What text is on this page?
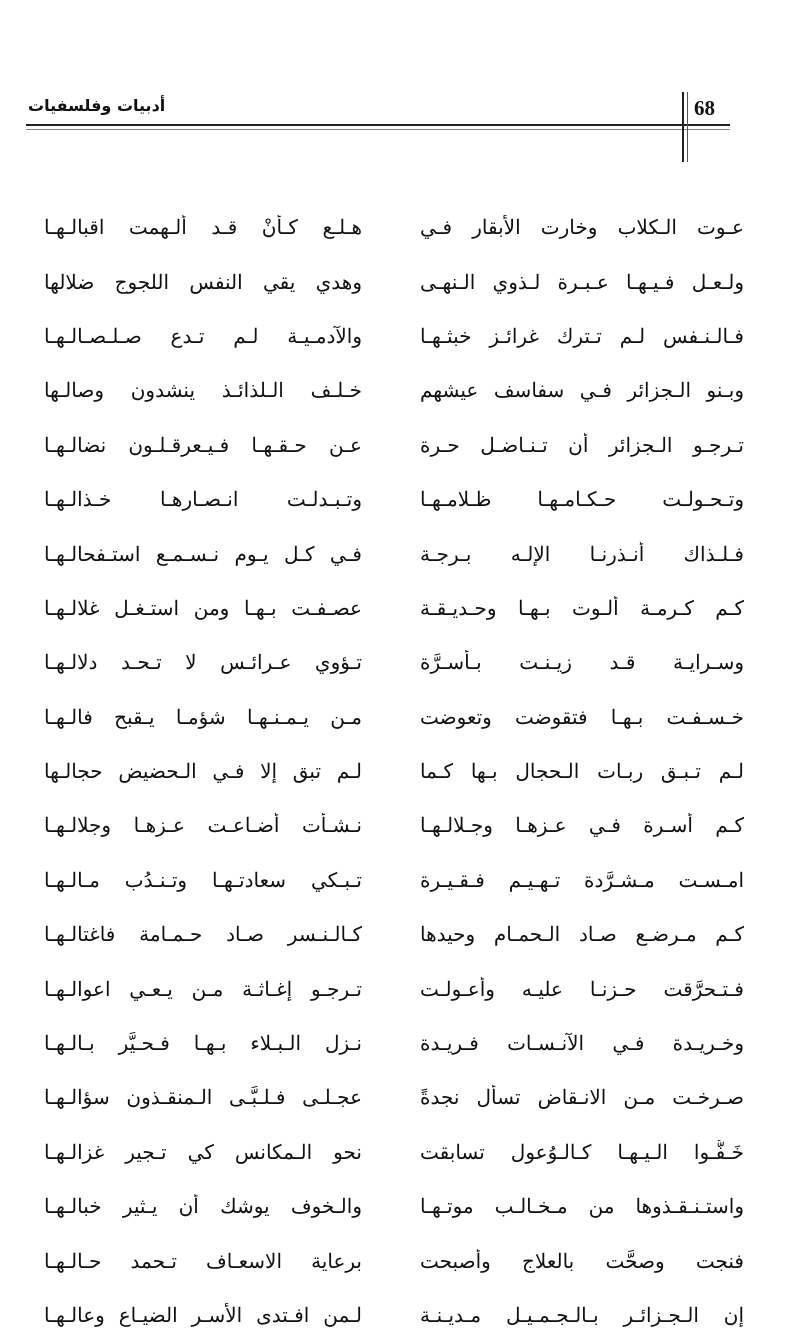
68
أدبيات وفلسفيات
عـوت الـكلاب وخارت الأبقار فـي
هـلـع كـأنْ قـد ألـهمت اقبالـهـا
ولـعـل فـيـهـا عـبـرة لـذوي الـنهـى
وهدي يقي النفس اللجوج ضلالها
فـالـنـفس لـم تـترك غرائـز خبثـهـا
والآدمـيـة لـم تـدع صـلـصـالـهـا
وبـنو الـجزائر فـي سفاسف عيشهم
خـلـف الـلذائـذ ينشدون وصالـها
تـرجـو الـجزائر أن تـنـاضـل حـرة
عـن حـقـهـا فـيـعرقـلـون نضالـهـا
وتـحـولـت حـكـامـهـا ظـلامـهـا
وتـبـدلـت انـصـارهـا خـذالـهـا
فـلـذاك أنـذرنـا الإلـه بـرجـة
فـي كـل يـوم نـسـمـع استـفحالـهـا
كـم كـرمـة ألـوت بـهـا وحـديـقـة
عصـفـت بـهـا ومن استـغـل غلالـهـا
وسـرايـة قـد زيـنـت بـأسـرَّة
تـؤوي عـرائـس لا تـحـد دلالـهـا
خـسـفـت بـهـا فتقوضت وتعوضت
مـن يـمـنـهـا شؤمـا يـقبح فالـهـا
لـم تـبـق ربـات الـحجال بـها كـما
لـم تبق إلا فـي الـحضيض حجالـها
كـم أسـرة فـي عـزهـا وجـلالـهـا
نـشـأت أضـاعـت عـزهـا وجلالـهـا
امـسـت مـشـرَّدة تـهـيـم فـقـيـرة
تـبـكي سعادتـهـا وتـنـدُب مـالـهـا
كـم مـرضـع صـاد الـحمـام وحيدها
كـالـنـسر صـاد حـمـامة فاغتالـهـا
فـتـحرَّقت حـزنـا عليـه وأعـولـت
تـرجـو إغـاثـة مـن يـعـي اعوالـهـا
وخـريـدة فـي الآنـسـات فـريـدة
نـزل الـبـلاء بـهـا فـحـيَّر بـالـهـا
صـرخـت مـن الانـقاض تسأل نجدةً
عجـلـى فـلـبَّـى الـمنقـذون سؤالـهـا
خَـفُّـوا الـيـهـا كـالـوُعول تسابقت
نحو الـمكانس كي تـجير غزالـهـا
واستـنـقـذوها من مـخـالـب موتـهـا
والـخوف يوشك أن يـثير خبالـهـا
فنجت وصحَّت بالعلاج وأصبحت
برعاية الاسعـاف تـحمد حـالـهـا
إن الـجـزائـر بـالـجـمـيـل مـديـنـة
لـمن افـتدى الأسـر الضيـاع وعالـهـا
